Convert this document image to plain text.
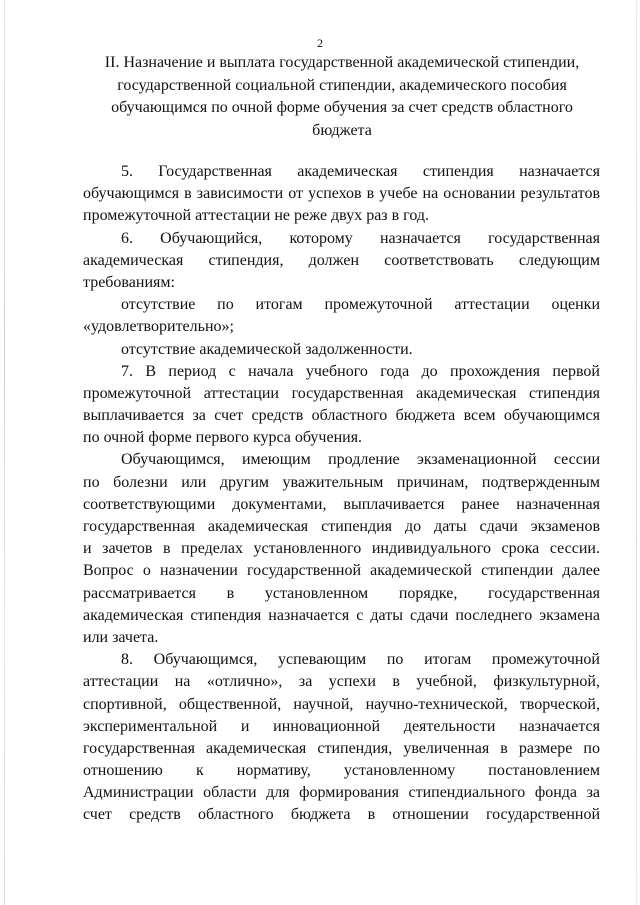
2
II. Назначение и выплата государственной академической стипендии,
государственной социальной стипендии, академического пособия
обучающимся по очной форме обучения за счет средств областного
бюджета
5. Государственная академическая стипендия назначается
обучающимся в зависимости от успехов в учебе на основании результатов
промежуточной аттестации не реже двух раз в год.
6. Обучающийся, которому назначается государственная
академическая стипендия, должен соответствовать следующим
требованиям:
отсутствие по итогам промежуточной аттестации оценки
«удовлетворительно»;
отсутствие академической задолженности.
7. В период с начала учебного года до прохождения первой
промежуточной аттестации государственная академическая стипендия
выплачивается за счет средств областного бюджета всем обучающимся
по очной форме первого курса обучения.
Обучающимся, имеющим продление экзаменационной сессии
по болезни или другим уважительным причинам, подтвержденным
соответствующими документами, выплачивается ранее назначенная
государственная академическая стипендия до даты сдачи экзаменов
и зачетов в пределах установленного индивидуального срока сессии.
Вопрос о назначении государственной академической стипендии далее
рассматривается в установленном порядке, государственная
академическая стипендия назначается с даты сдачи последнего экзамена
или зачета.
8. Обучающимся, успевающим по итогам промежуточной
аттестации на «отлично», за успехи в учебной, физкультурной,
спортивной, общественной, научной, научно-технической, творческой,
экспериментальной и инновационной деятельности назначается
государственная академическая стипендия, увеличенная в размере по
отношению к нормативу, установленному постановлением
Администрации области для формирования стипендиального фонда за
счет средств областного бюджета в отношении государственной
